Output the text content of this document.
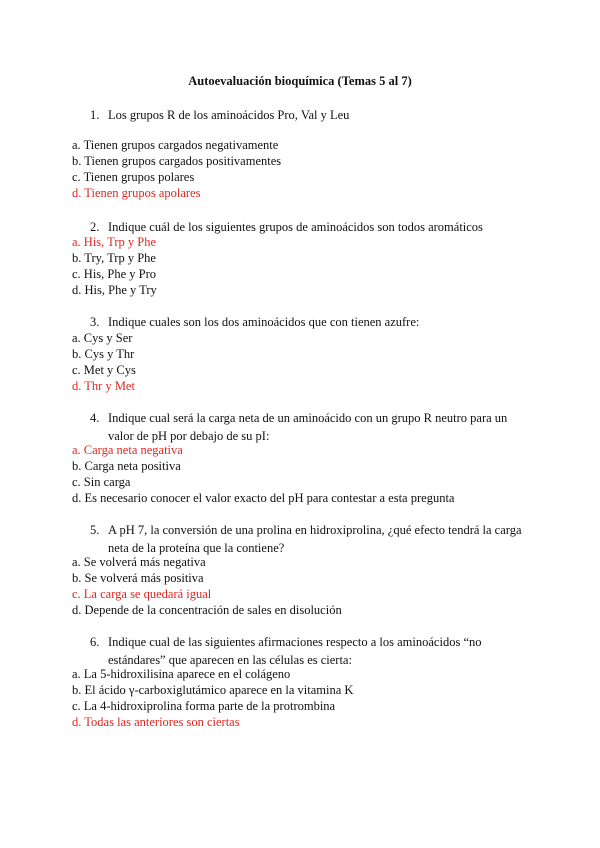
Autoevaluación bioquímica (Temas 5 al 7)
1. Los grupos R de los aminoácidos Pro, Val y Leu
a. Tienen grupos cargados negativamente
b. Tienen grupos cargados positivamentes
c. Tienen grupos polares
d. Tienen grupos apolares
2. Indique cuál de los siguientes grupos de aminoácidos son todos aromáticos
a. His, Trp y Phe
b. Try, Trp y Phe
c. His, Phe y Pro
d. His, Phe y Try
3. Indique cuales son los dos aminoácidos que con tienen azufre:
a. Cys y Ser
b. Cys y Thr
c. Met y Cys
d. Thr y Met
4. Indique cual será la carga neta de un aminoácido con un grupo R neutro para un valor de pH por debajo de su pI:
a. Carga neta negativa
b. Carga neta positiva
c. Sin carga
d. Es necesario conocer el valor exacto del pH para contestar a esta pregunta
5. A pH 7, la conversión de una prolina en hidroxiprolina, ¿qué efecto tendrá la carga neta de la proteína que la contiene?
a. Se volverá más negativa
b. Se volverá más positiva
c. La carga se quedará igual
d. Depende de la concentración de sales en disolución
6. Indique cual de las siguientes afirmaciones respecto a los aminoácidos “no estándares” que aparecen en las células es cierta:
a. La 5-hidroxilisina aparece en el colágeno
b. El ácido γ-carboxiglutámico aparece en la vitamina K
c. La 4-hidroxiprolina forma parte de la protrombina
d. Todas las anteriores son ciertas
